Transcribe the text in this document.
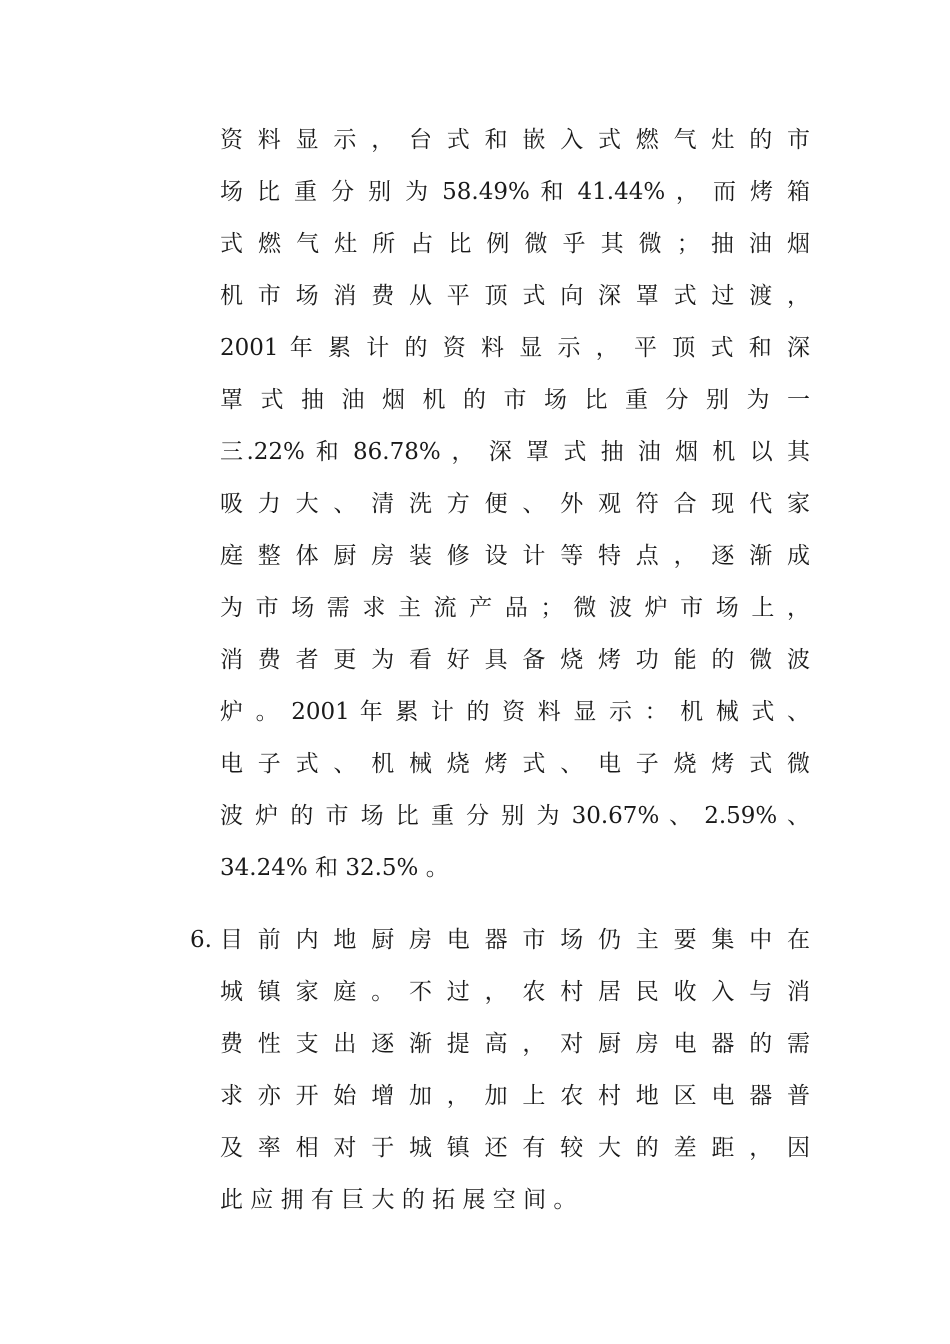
资 料 显 示 ， 台 式 和 嵌 入 式 燃 气 灶 的 市
场 比 重 分 别 为 58.49% 和 41.44% ， 而 烤 箱
式 燃 气 灶 所 占 比 例 微 乎 其 微 ； 抽 油 烟
机 市 场 消 费 从 平 顶 式 向 深 罩 式 过 渡 ，
2001 年 累 计 的 资 料 显 示 ， 平 顶 式 和 深
罩 式 抽 油 烟 机 的 市 场 比 重 分 别 为 一
三.22% 和 86.78% ， 深 罩 式 抽 油 烟 机 以 其
吸 力 大 、 清 洗 方 便 、 外 观 符 合 现 代 家
庭 整 体 厨 房 装 修 设 计 等 特 点 ， 逐 渐 成
为 市 场 需 求 主 流 产 品 ； 微 波 炉 市 场 上 ，
消 费 者 更 为 看 好 具 备 烧 烤 功 能 的 微 波
炉 。 2001 年 累 计 的 资 料 显 示 ： 机 械 式 、
电 子 式 、 机 械 烧 烤 式 、 电 子 烧 烤 式 微
波 炉 的 市 场 比 重 分 别 为 30.67% 、 2.59% 、
34.24% 和 32.5% 。
6. 目 前 内 地 厨 房 电 器 市 场 仍 主 要 集 中 在
城 镇 家 庭 。 不 过 ， 农 村 居 民 收 入 与 消
费 性 支 出 逐 渐 提 高 ， 对 厨 房 电 器 的 需
求 亦 开 始 增 加 ， 加 上 农 村 地 区 电 器 普
及 率 相 对 于 城 镇 还 有 较 大 的 差 距 ， 因
此 应 拥 有 巨 大 的 拓 展 空 间 。
